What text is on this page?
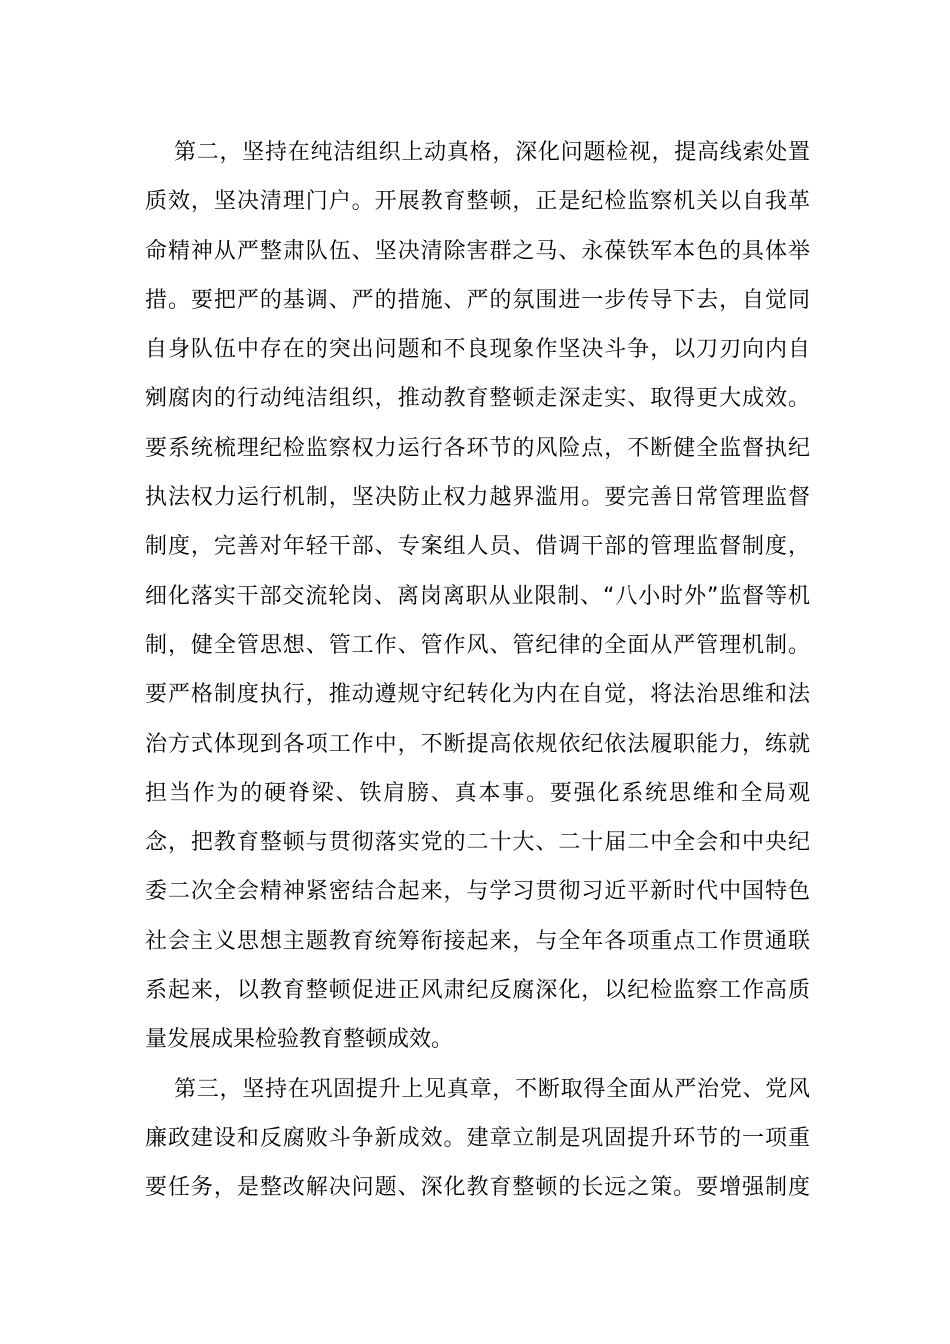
第二，坚持在纯洁组织上动真格，深化问题检视，提高线索处置
质效，坚决清理门户。开展教育整顿，正是纪检监察机关以自我革
命精神从严整肃队伍、坚决清除害群之马、永葆铁军本色的具体举
措。要把严的基调、严的措施、严的氛围进一步传导下去，自觉同
自身队伍中存在的突出问题和不良现象作坚决斗争，以刀刃向内自
剜腐肉的行动纯洁组织，推动教育整顿走深走实、取得更大成效。
要系统梳理纪检监察权力运行各环节的风险点，不断健全监督执纪
执法权力运行机制，坚决防止权力越界滥用。要完善日常管理监督
制度，完善对年轻干部、专案组人员、借调干部的管理监督制度，
细化落实干部交流轮岗、离岗离职从业限制、“八小时外”监督等机
制，健全管思想、管工作、管作风、管纪律的全面从严管理机制。
要严格制度执行，推动遵规守纪转化为内在自觉，将法治思维和法
治方式体现到各项工作中，不断提高依规依纪依法履职能力，练就
担当作为的硬脊梁、铁肩膀、真本事。要强化系统思维和全局观
念，把教育整顿与贯彻落实党的二十大、二十届二中全会和中央纪
委二次全会精神紧密结合起来，与学习贯彻习近平新时代中国特色
社会主义思想主题教育统筹衔接起来，与全年各项重点工作贯通联
系起来，以教育整顿促进正风肃纪反腐深化，以纪检监察工作高质
量发展成果检验教育整顿成效。
第三，坚持在巩固提升上见真章，不断取得全面从严治党、党风
廉政建设和反腐败斗争新成效。建章立制是巩固提升环节的一项重
要任务，是整改解决问题、深化教育整顿的长远之策。要增强制度
